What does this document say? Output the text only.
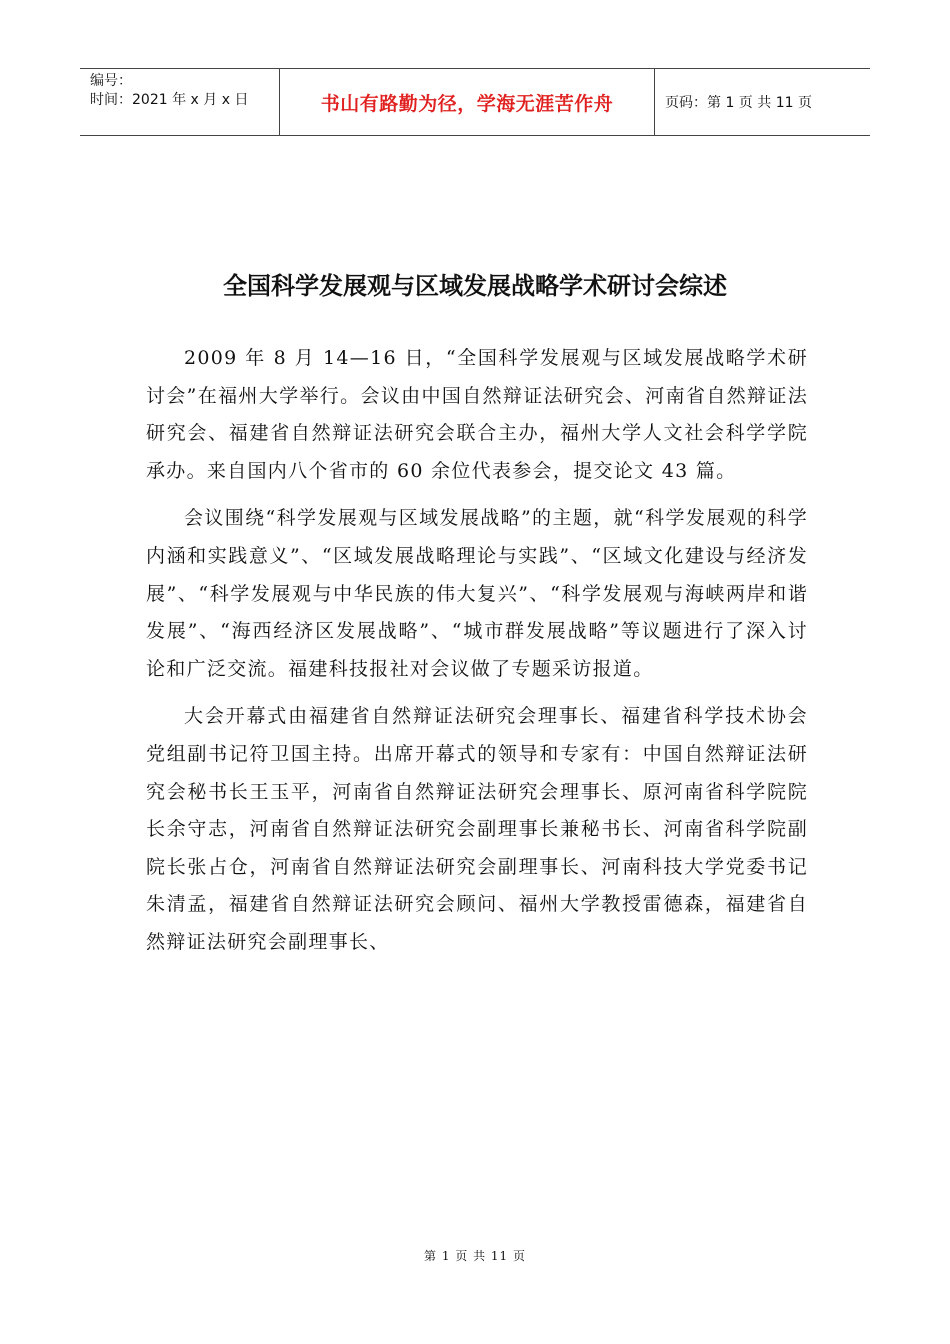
编号：
时间：2021 年 x 月 x 日	书山有路勤为径，学海无涯苦作舟	页码：第 1 页 共 11 页
全国科学发展观与区域发展战略学术研讨会综述

2009 年 8 月 14—16 日，“全国科学发展观与区域发展战略学术研讨会”在福州大学举行。会议由中国自然辩证法研究会、河南省自然辩证法研究会、福建省自然辩证法研究会联合主办，福州大学人文社会科学学院承办。来自国内八个省市的 60 余位代表参会，提交论文 43 篇。

会议围绕“科学发展观与区域发展战略”的主题，就“科学发展观的科学内涵和实践意义”、“区域发展战略理论与实践”、“区域文化建设与经济发展”、“科学发展观与中华民族的伟大复兴”、“科学发展观与海峡两岸和谐发展”、“海西经济区发展战略”、“城市群发展战略”等议题进行了深入讨论和广泛交流。福建科技报社对会议做了专题采访报道。

大会开幕式由福建省自然辩证法研究会理事长、福建省科学技术协会党组副书记符卫国主持。出席开幕式的领导和专家有：中国自然辩证法研究会秘书长王玉平，河南省自然辩证法研究会理事长、原河南省科学院院长余守志，河南省自然辩证法研究会副理事长兼秘书长、河南省科学院副院长张占仓，河南省自然辩证法研究会副理事长、河南科技大学党委书记朱清孟，福建省自然辩证法研究会顾问、福州大学教授雷德森，福建省自然辩证法研究会副理事长、

第 1 页 共 11 页
